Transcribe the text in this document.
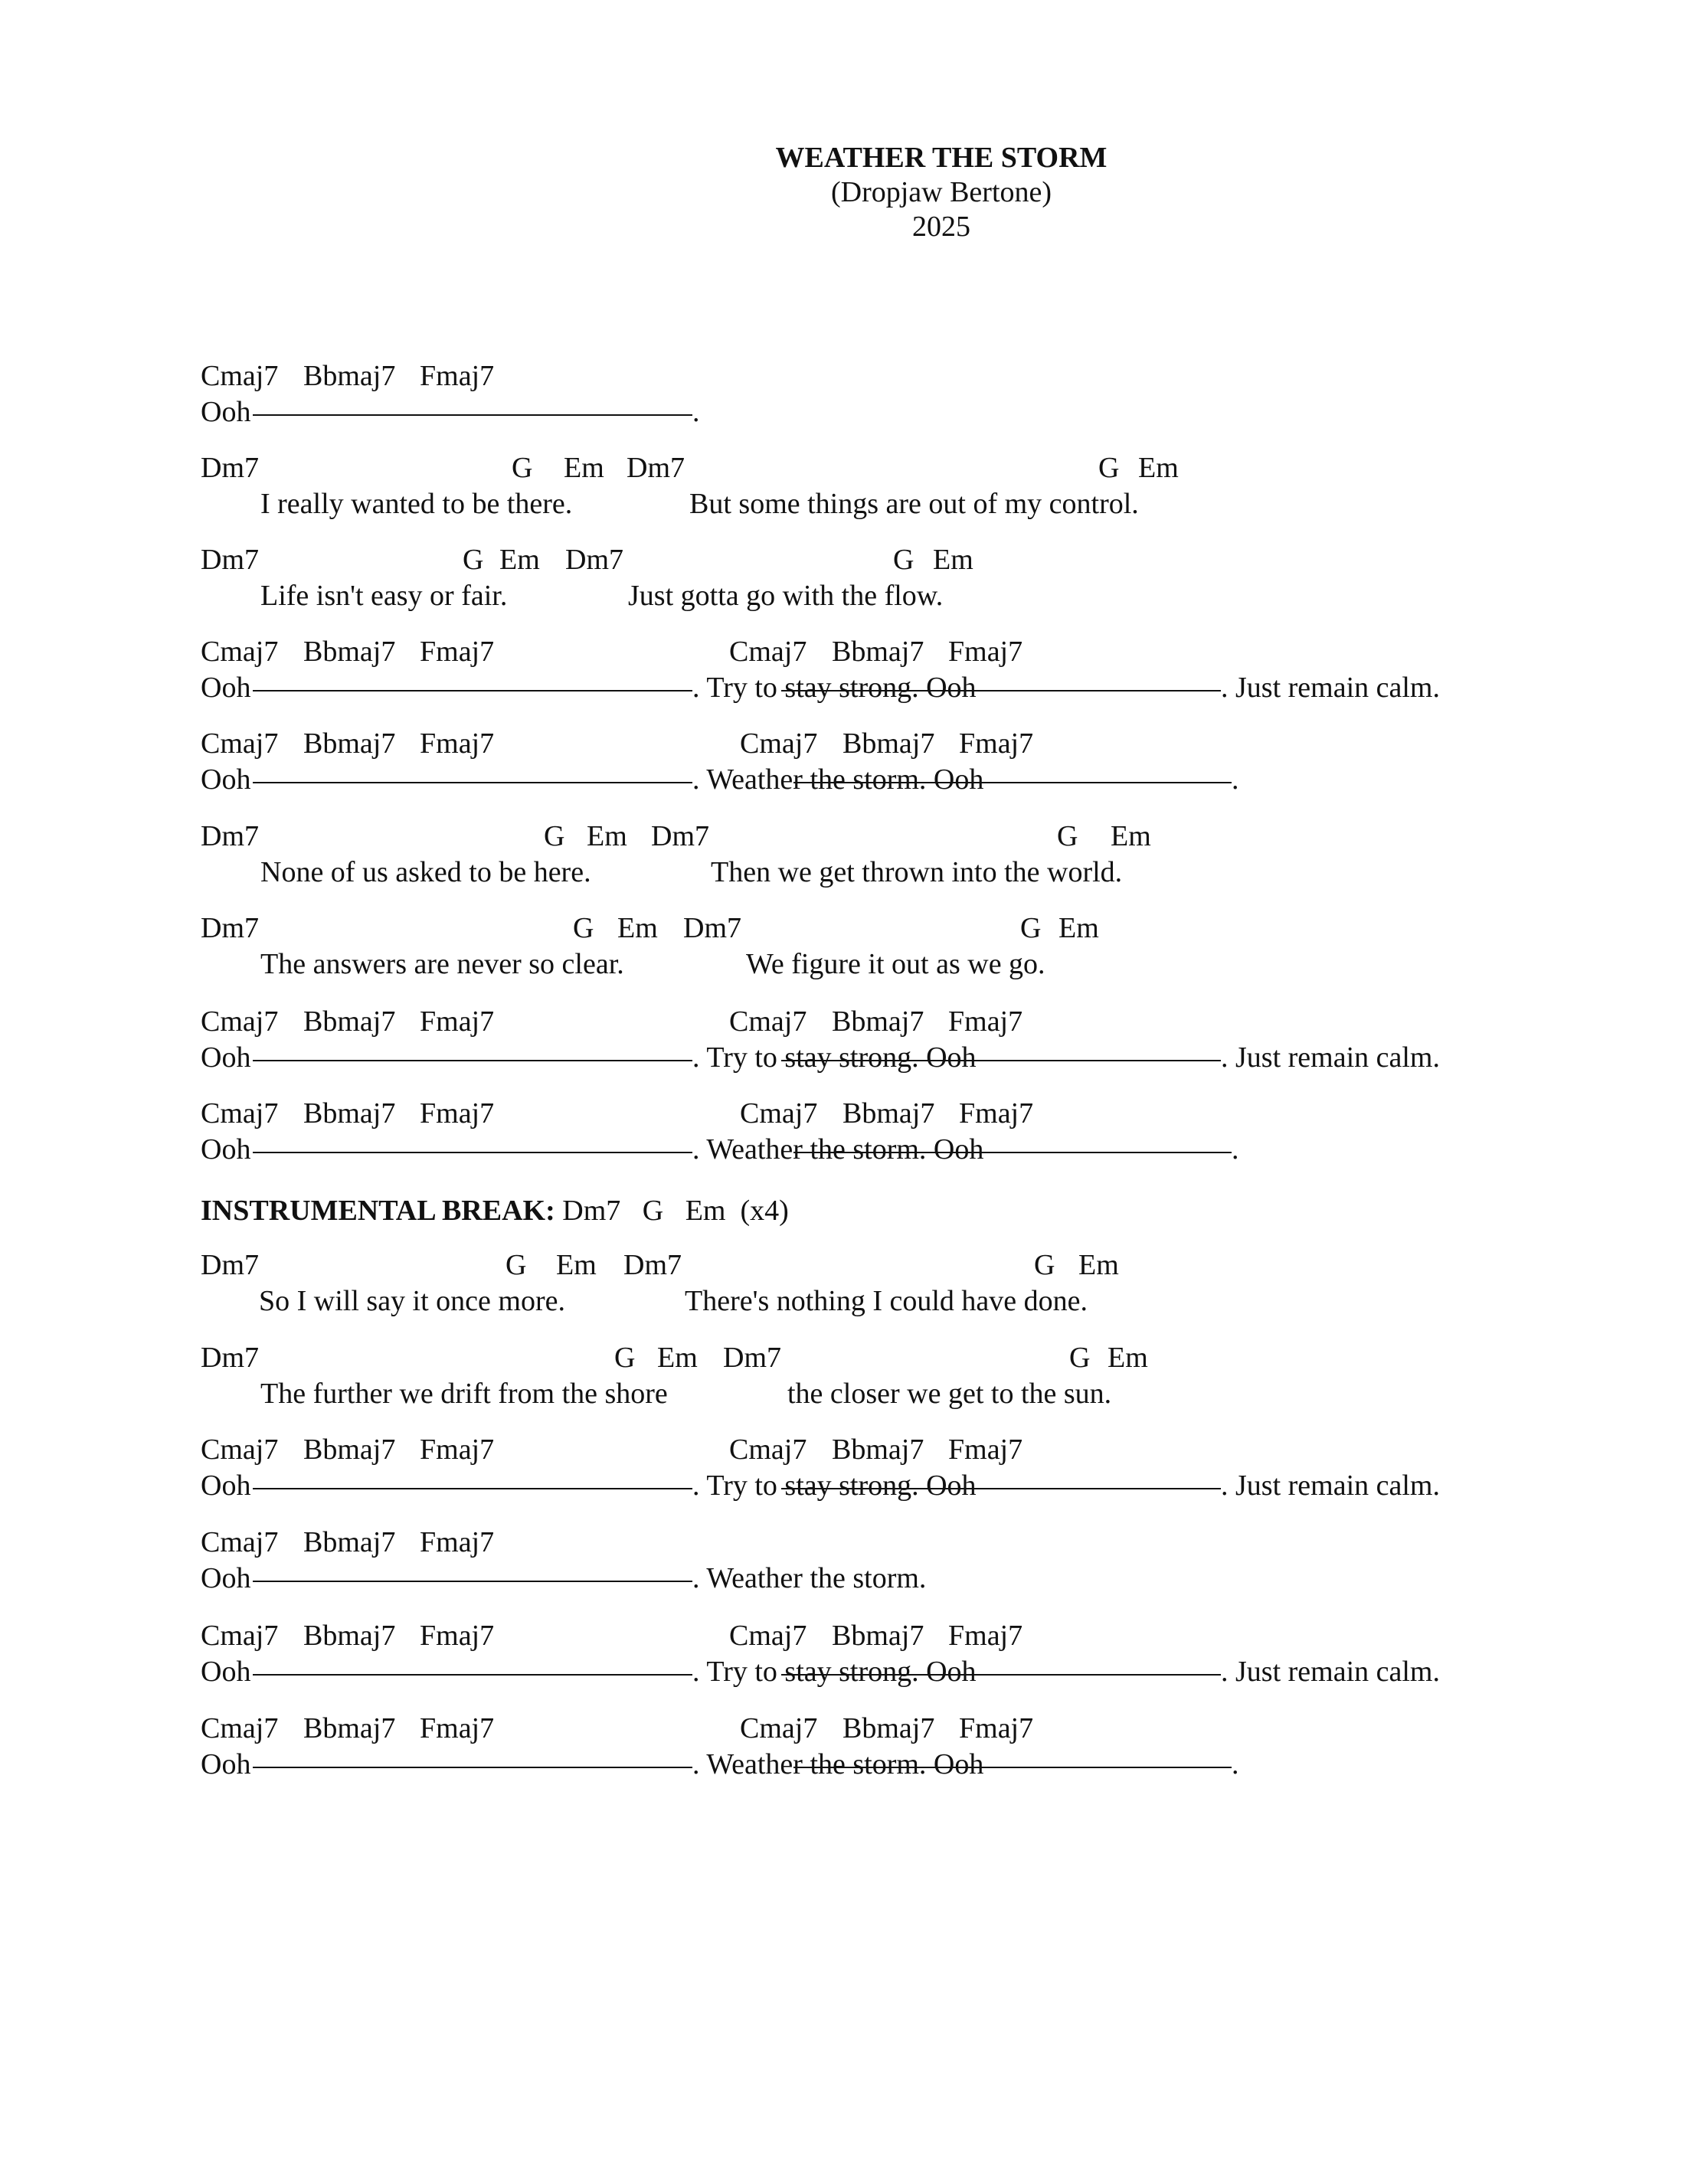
WEATHER THE STORM
(Dropjaw Bertone)
2025

Cmaj7

Bbmaj7

Fmaj7

Ooh

	.

Dm7

	G

Em

Dm7

	G

Em

I really wanted to be there.

	But some things are out of my control.

Dm7

	G

Em

Dm7

	G

Em

Life isn't easy or fair.

	Just gotta go with the flow.

Cmaj7

Bbmaj7

Fmaj7

	Cmaj7

Bbmaj7

Fmaj7

Ooh

	. Try to stay strong. Ooh

	. Just remain calm.

Cmaj7

Bbmaj7

Fmaj7

	Cmaj7

Bbmaj7

Fmaj7

Ooh

	. Weather the storm. Ooh

	.

Dm7

	G

Em

Dm7

	G

Em

None of us asked to be here.

	Then we get thrown into the world.

Dm7

	G

Em

Dm7

	G

Em

The answers are never so clear.

	We figure it out as we go.

Cmaj7

Bbmaj7

Fmaj7

	Cmaj7

Bbmaj7

Fmaj7

Ooh

	. Try to stay strong. Ooh

	. Just remain calm.

Cmaj7

Bbmaj7

Fmaj7

	Cmaj7

Bbmaj7

Fmaj7

Ooh

	. Weather the storm. Ooh

	.

INSTRUMENTAL BREAK: Dm7   G   Em  (x4)

Dm7

	G

Em

Dm7

	G

Em

So I will say it once more.

	There's nothing I could have done.

Dm7

	G

Em

Dm7

	G

Em

The further we drift from the shore

	the closer we get to the sun.

Cmaj7

Bbmaj7

Fmaj7

	Cmaj7

Bbmaj7

Fmaj7

Ooh

	. Try to stay strong. Ooh

	. Just remain calm.

Cmaj7

Bbmaj7

Fmaj7

Ooh

	. Weather the storm.

Cmaj7

Bbmaj7

Fmaj7

	Cmaj7

Bbmaj7

Fmaj7

Ooh

	. Try to stay strong. Ooh

	. Just remain calm.

Cmaj7

Bbmaj7

Fmaj7

	Cmaj7

Bbmaj7

Fmaj7

Ooh

	. Weather the storm. Ooh

	.
